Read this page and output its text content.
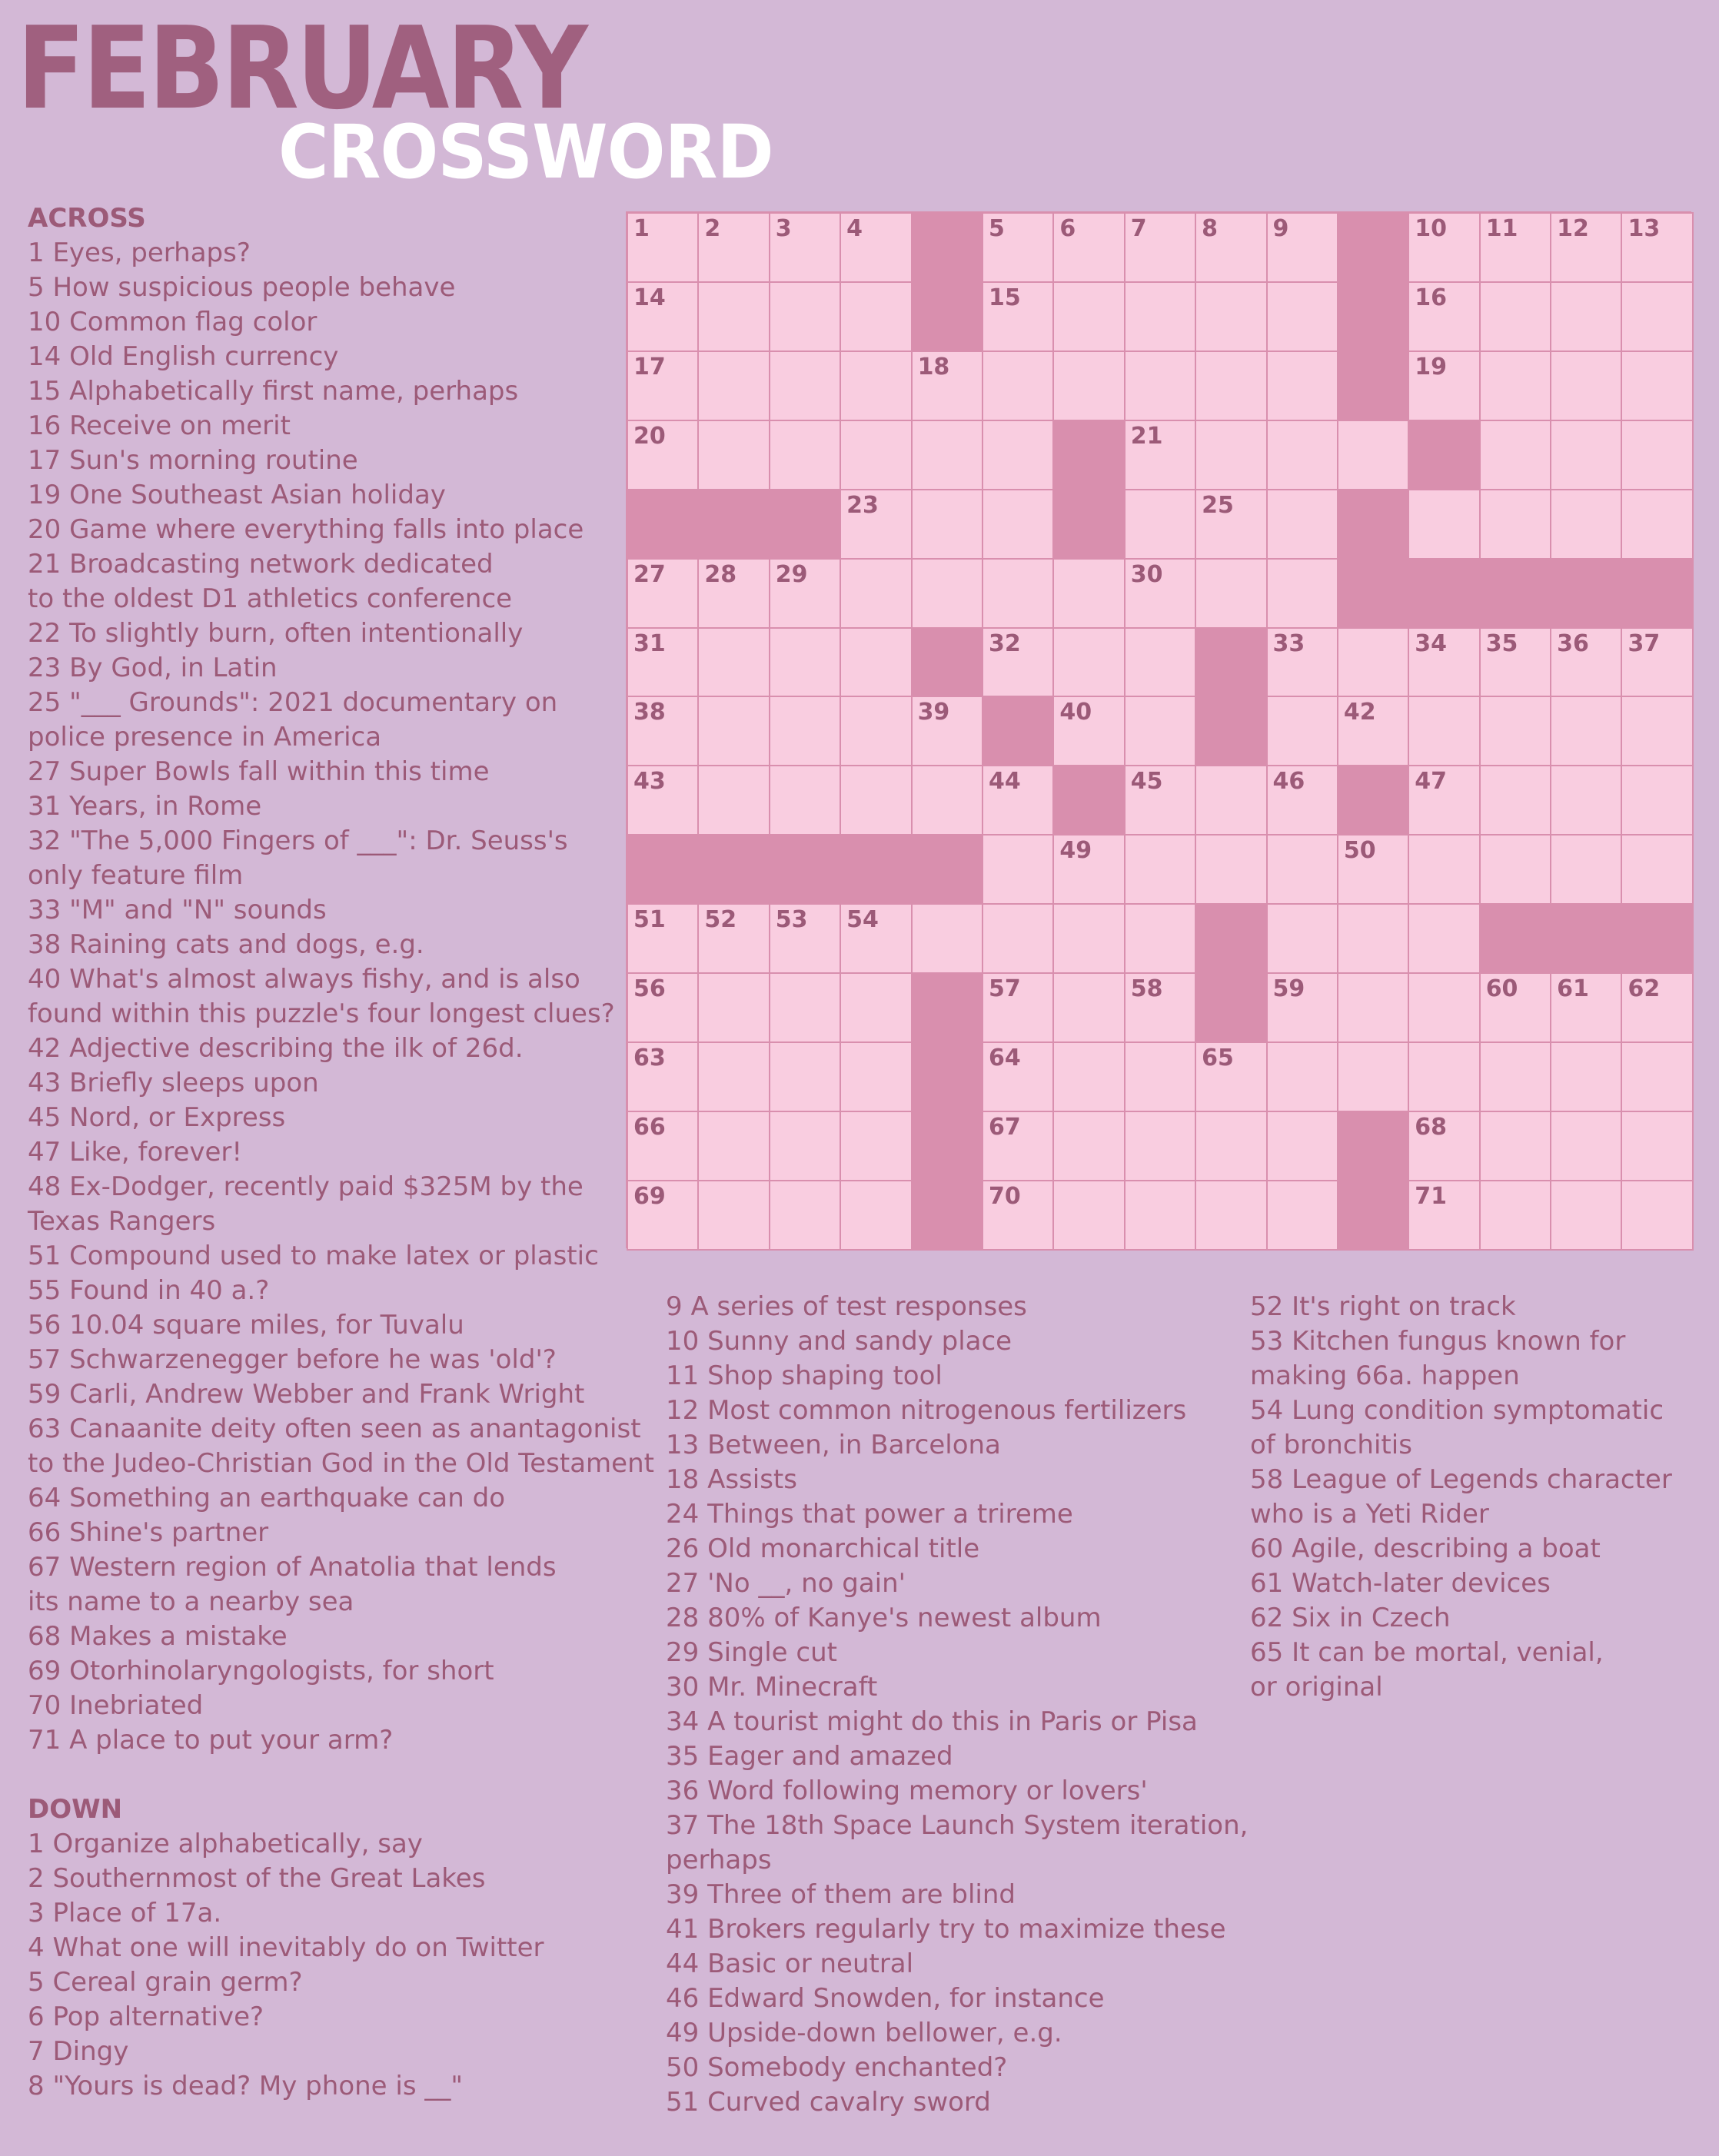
FEBRUARY
CROSSWORD
ACROSS
1 Eyes, perhaps?
5 How suspicious people behave
10 Common flag color
14 Old English currency
15 Alphabetically first name, perhaps
16 Receive on merit
17 Sun's morning routine
19 One Southeast Asian holiday
20 Game where everything falls into place
21 Broadcasting network dedicated
to the oldest D1 athletics conference
22 To slightly burn, often intentionally
23 By God, in Latin
25 "___ Grounds": 2021 documentary on
police presence in America
27 Super Bowls fall within this time
31 Years, in Rome
32 "The 5,000 Fingers of ___": Dr. Seuss's
only feature film
33 "M" and "N" sounds
38 Raining cats and dogs, e.g.
40 What's almost always fishy, and is also
found within this puzzle's four longest clues?
42 Adjective describing the ilk of 26d.
43 Briefly sleeps upon
45 Nord, or Express
47 Like, forever!
48 Ex-Dodger, recently paid $325M by the
Texas Rangers
51 Compound used to make latex or plastic
55 Found in 40 a.?
56 10.04 square miles, for Tuvalu
57 Schwarzenegger before he was 'old'?
59 Carli, Andrew Webber and Frank Wright
63 Canaanite deity often seen as anantagonist
to the Judeo-Christian God in the Old Testament
64 Something an earthquake can do
66 Shine's partner
67 Western region of Anatolia that lends
its name to a nearby sea
68 Makes a mistake
69 Otorhinolaryngologists, for short
70 Inebriated
71 A place to put your arm?
DOWN
1 Organize alphabetically, say
2 Southernmost of the Great Lakes
3 Place of 17a.
4 What one will inevitably do on Twitter
5 Cereal grain germ?
6 Pop alternative?
7 Dingy
8 "Yours is dead? My phone is __"
9 A series of test responses
10 Sunny and sandy place
11 Shop shaping tool
12 Most common nitrogenous fertilizers
13 Between, in Barcelona
18 Assists
24 Things that power a trireme
26 Old monarchical title
27 'No __, no gain'
28 80% of Kanye's newest album
29 Single cut
30 Mr. Minecraft
34 A tourist might do this in Paris or Pisa
35 Eager and amazed
36 Word following memory or lovers'
37 The 18th Space Launch System iteration,
perhaps
39 Three of them are blind
41 Brokers regularly try to maximize these
44 Basic or neutral
46 Edward Snowden, for instance
49 Upside-down bellower, e.g.
50 Somebody enchanted?
51 Curved cavalry sword
52 It's right on track
53 Kitchen fungus known for
making 66a. happen
54 Lung condition symptomatic
of bronchitis
58 League of Legends character
who is a Yeti Rider
60 Agile, describing a boat
61 Watch-later devices
62 Six in Czech
65 It can be mortal, venial,
or original
1 2 3 4	5 6 7 8 9	10 11 12 13
14	15	16
17	18	19
20	21
23	25
27 28 29	30
31	32	33	34 35 36 37
38	39	40	42
43	44	45	46	47
49	50
51 52 53 54
56	57	58	59	60 61 62
63	64	65
66	67	68
69	70	71
